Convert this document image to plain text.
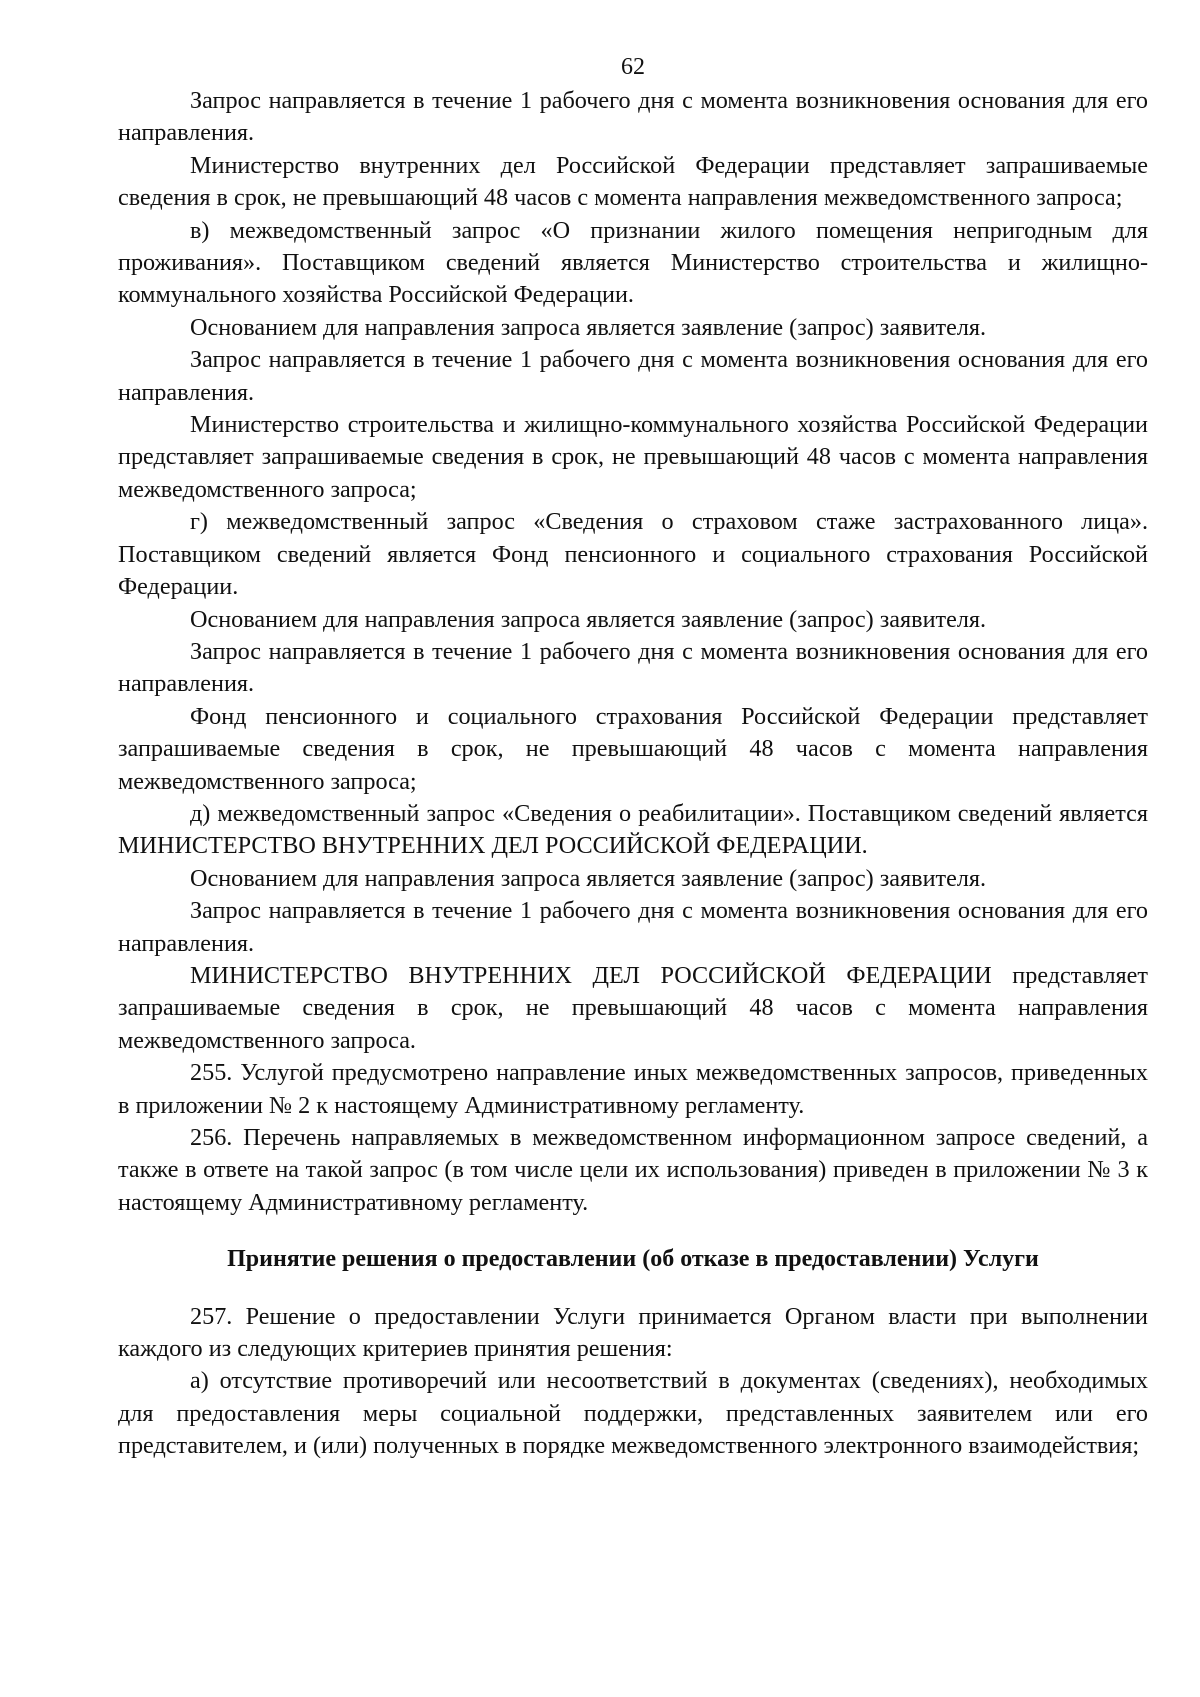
62

Запрос направляется в течение 1 рабочего дня с момента возникновения основания для его направления.

Министерство внутренних дел Российской Федерации представляет запрашиваемые сведения в срок, не превышающий 48 часов с момента направления межведомственного запроса;

в) межведомственный запрос «О признании жилого помещения непригодным для проживания». Поставщиком сведений является Министерство строительства и жилищно-коммунального хозяйства Российской Федерации.

Основанием для направления запроса является заявление (запрос) заявителя.

Запрос направляется в течение 1 рабочего дня с момента возникновения основания для его направления.

Министерство строительства и жилищно-коммунального хозяйства Российской Федерации представляет запрашиваемые сведения в срок, не превышающий 48 часов с момента направления межведомственного запроса;

г) межведомственный запрос «Сведения о страховом стаже застрахованного лица». Поставщиком сведений является Фонд пенсионного и социального страхования Российской Федерации.

Основанием для направления запроса является заявление (запрос) заявителя.

Запрос направляется в течение 1 рабочего дня с момента возникновения основания для его направления.

Фонд пенсионного и социального страхования Российской Федерации представляет запрашиваемые сведения в срок, не превышающий 48 часов с момента направления межведомственного запроса;

д) межведомственный запрос «Сведения о реабилитации». Поставщиком сведений является МИНИСТЕРСТВО ВНУТРЕННИХ ДЕЛ РОССИЙСКОЙ ФЕДЕРАЦИИ.

Основанием для направления запроса является заявление (запрос) заявителя.

Запрос направляется в течение 1 рабочего дня с момента возникновения основания для его направления.

МИНИСТЕРСТВО ВНУТРЕННИХ ДЕЛ РОССИЙСКОЙ ФЕДЕРАЦИИ представляет запрашиваемые сведения в срок, не превышающий 48 часов с момента направления межведомственного запроса.

255. Услугой предусмотрено направление иных межведомственных запросов, приведенных в приложении № 2 к настоящему Административному регламенту.

256. Перечень направляемых в межведомственном информационном запросе сведений, а также в ответе на такой запрос (в том числе цели их использования) приведен в приложении № 3 к настоящему Административному регламенту.

Принятие решения о предоставлении (об отказе в предоставлении) Услуги

257. Решение о предоставлении Услуги принимается Органом власти при выполнении каждого из следующих критериев принятия решения:

а) отсутствие противоречий или несоответствий в документах (сведениях), необходимых для предоставления меры социальной поддержки, представленных заявителем или его представителем, и (или) полученных в порядке межведомственного электронного взаимодействия;
